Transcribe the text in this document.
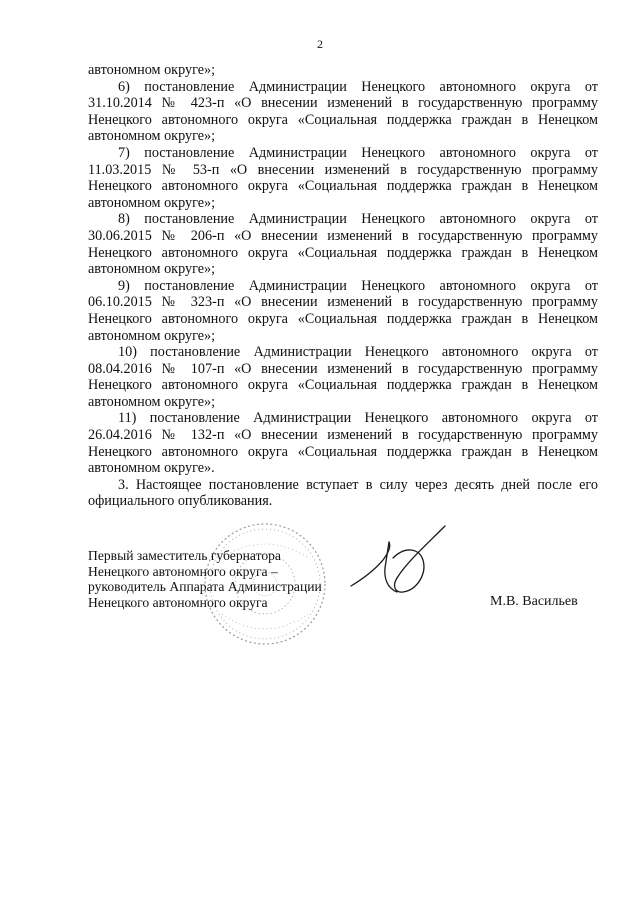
2

автономном округе»;

6) постановление Администрации Ненецкого автономного округа от 31.10.2014 № 423-п «О внесении изменений в государственную программу Ненецкого автономного округа «Социальная поддержка граждан в Ненецком автономном округе»;

7) постановление Администрации Ненецкого автономного округа от 11.03.2015 № 53-п «О внесении изменений в государственную программу Ненецкого автономного округа «Социальная поддержка граждан в Ненецком автономном округе»;

8) постановление Администрации Ненецкого автономного округа от 30.06.2015 № 206-п «О внесении изменений в государственную программу Ненецкого автономного округа «Социальная поддержка граждан в Ненецком автономном округе»;

9) постановление Администрации Ненецкого автономного округа от 06.10.2015 № 323-п «О внесении изменений в государственную программу Ненецкого автономного округа «Социальная поддержка граждан в Ненецком автономном округе»;

10) постановление Администрации Ненецкого автономного округа от 08.04.2016 № 107-п «О внесении изменений в государственную программу Ненецкого автономного округа «Социальная поддержка граждан в Ненецком автономном округе»;

11) постановление Администрации Ненецкого автономного округа от 26.04.2016 № 132-п «О внесении изменений в государственную программу Ненецкого автономного округа «Социальная поддержка граждан в Ненецком автономном округе».

3. Настоящее постановление вступает в силу через десять дней после его официального опубликования.

Первый заместитель губернатора
Ненецкого автономного округа –
руководитель Аппарата Администрации
Ненецкого автономного округа	М.В. Васильев
